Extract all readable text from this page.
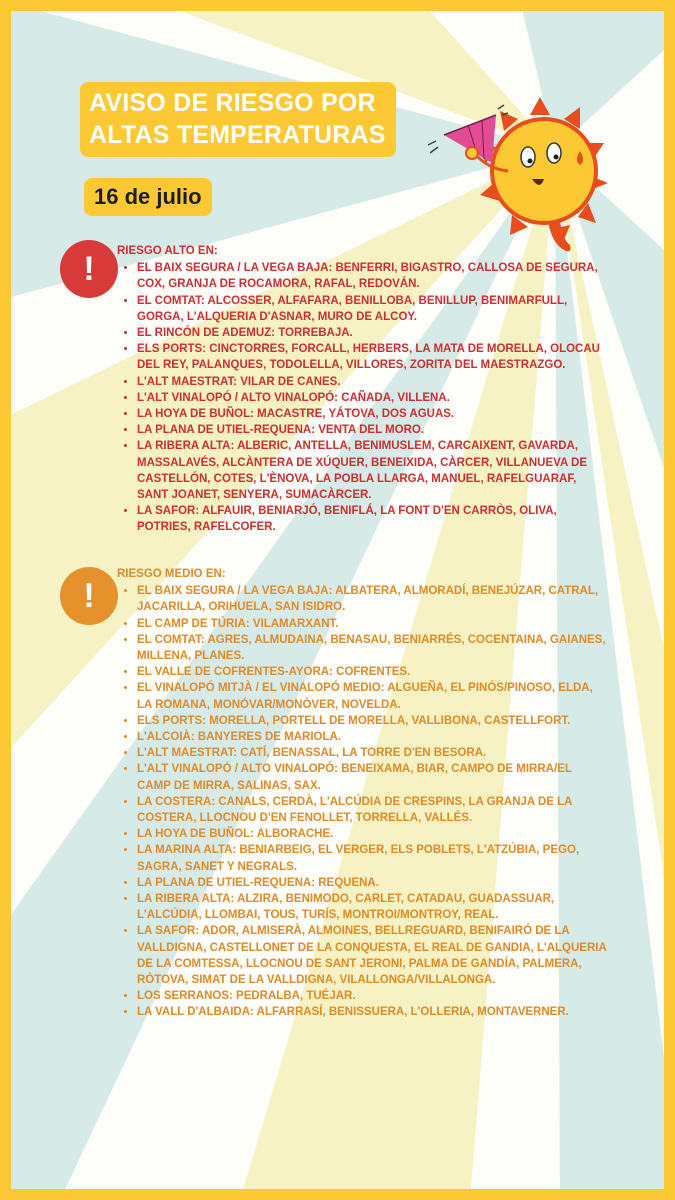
AVISO DE RIESGO POR
ALTAS TEMPERATURAS
16 de julio
!	RIESGO ALTO EN:
• EL BAIX SEGURA / LA VEGA BAJA: BENFERRI, BIGASTRO, CALLOSA DE SEGURA, COX, GRANJA DE ROCAMORA, RAFAL, REDOVÁN.
• EL COMTAT: ALCOSSER, ALFAFARA, BENILLOBA, BENILLUP, BENIMARFULL, GORGA, L'ALQUERIA D'ASNAR, MURO DE ALCOY.
• EL RINCÓN DE ADEMUZ: TORREBAJA.
• ELS PORTS: CINCTORRES, FORCALL, HERBERS, LA MATA DE MORELLA, OLOCAU DEL REY, PALANQUES, TODOLELLA, VILLORES, ZORITA DEL MAESTRAZGO.
• L'ALT MAESTRAT: VILAR DE CANES.
• L'ALT VINALOPÓ / ALTO VINALOPÓ: CAÑADA, VILLENA.
• LA HOYA DE BUÑOL: MACASTRE, YÁTOVA, DOS AGUAS.
• LA PLANA DE UTIEL-REQUENA: VENTA DEL MORO.
• LA RIBERA ALTA: ALBERIC, ANTELLA, BENIMUSLEM, CARCAIXENT, GAVARDA, MASSALAVÉS, ALCÀNTERA DE XÚQUER, BENEIXIDA, CÀRCER, VILLANUEVA DE CASTELLÓN, COTES, L'ÈNOVA, LA POBLA LLARGA, MANUEL, RAFELGUARAF, SANT JOANET, SENYERA, SUMACÀRCER.
• LA SAFOR: ALFAUIR, BENIARJÓ, BENIFLÁ, LA FONT D'EN CARRÒS, OLIVA, POTRIES, RAFELCOFER.
!
RIESGO MEDIO EN:
• EL BAIX SEGURA / LA VEGA BAJA: ALBATERA, ALMORADÍ, BENEJÚZAR, CATRAL, JACARILLA, ORIHUELA, SAN ISIDRO.
• EL CAMP DE TÚRIA: VILAMARXANT.
• EL COMTAT: AGRES, ALMUDAINA, BENASAU, BENIARRÉS, COCENTAINA, GAIANES, MILLENA, PLANES.
• EL VALLE DE COFRENTES-AYORA: COFRENTES.
• EL VINALOPÓ MITJÀ / EL VINALOPÓ MEDIO: ALGUEÑA, EL PINÓS/PINOSO, ELDA, LA ROMANA, MONÓVAR/MONÒVER, NOVELDA.
• ELS PORTS: MORELLA, PORTELL DE MORELLA, VALLIBONA, CASTELLFORT.
• L'ALCOIÀ: BANYERES DE MARIOLA.
• L'ALT MAESTRAT: CATÍ, BENASSAL, LA TORRE D'EN BESORA.
• L'ALT VINALOPÓ / ALTO VINALOPÓ: BENEIXAMA, BIAR, CAMPO DE MIRRA/EL CAMP DE MIRRA, SALINAS, SAX.
• LA COSTERA: CANALS, CERDÀ, L'ALCÚDIA DE CRESPINS, LA GRANJA DE LA COSTERA, LLOCNOU D'EN FENOLLET, TORRELLA, VALLÉS.
• LA HOYA DE BUÑOL: ALBORACHE.
• LA MARINA ALTA: BENIARBEIG, EL VERGER, ELS POBLETS, L'ATZÚBIA, PEGO, SAGRA, SANET Y NEGRALS.
• LA PLANA DE UTIEL-REQUENA: REQUENA.
• LA RIBERA ALTA: ALZIRA, BENIMODO, CARLET, CATADAU, GUADASSUAR, L'ALCÚDIA, LLOMBAI, TOUS, TURÍS, MONTROI/MONTROY, REAL.
• LA SAFOR: ADOR, ALMISERÀ, ALMOINES, BELLREGUARD, BENIFAIRÓ DE LA VALLDIGNA, CASTELLONET DE LA CONQUESTA, EL REAL DE GANDIA, L'ALQUERIA DE LA COMTESSA, LLOCNOU DE SANT JERONI, PALMA DE GANDÍA, PALMERA, RÒTOVA, SIMAT DE LA VALLDIGNA, VILALLONGA/VILLALONGA.
• LOS SERRANOS: PEDRALBA, TUÉJAR.
• LA VALL D'ALBAIDA: ALFARRASÍ, BENISSUERA, L'OLLERIA, MONTAVERNER.
